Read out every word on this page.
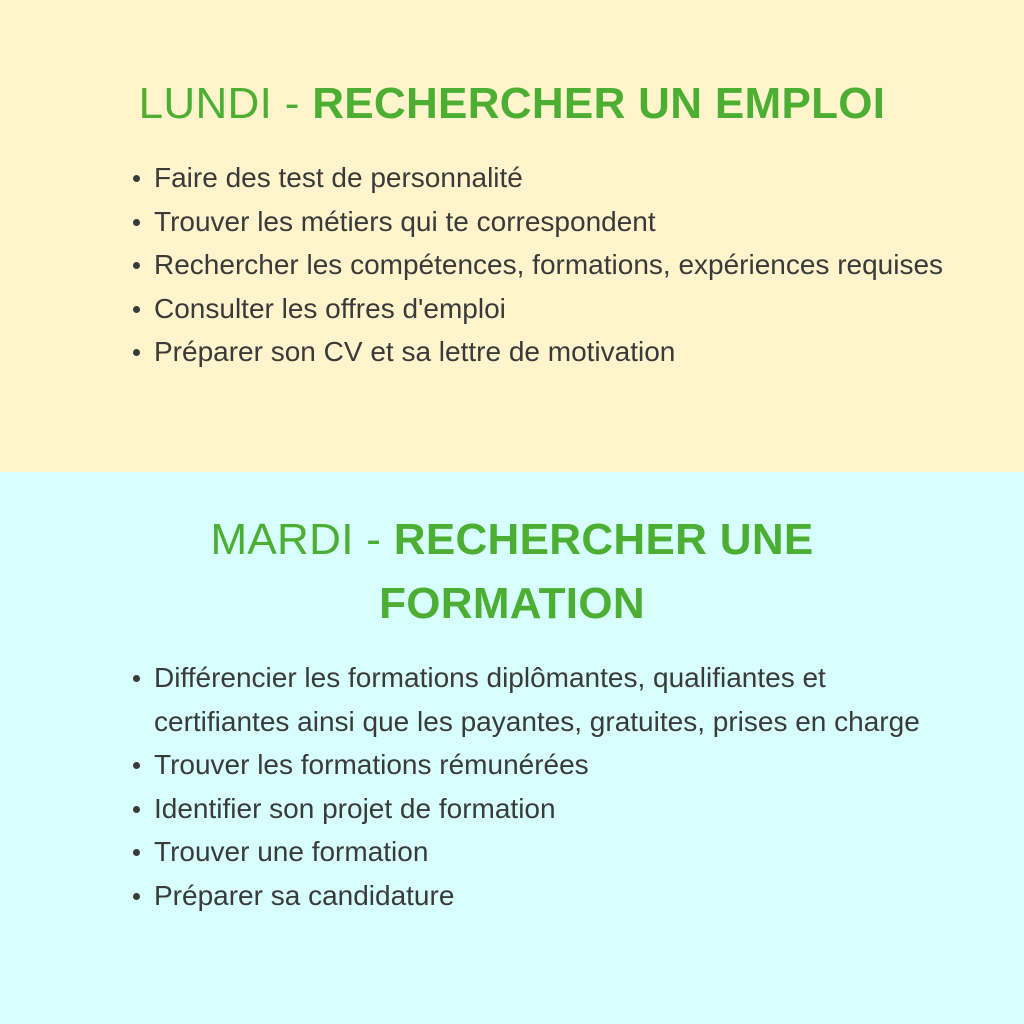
LUNDI - RECHERCHER UN EMPLOI
Faire des test de personnalité
Trouver les métiers qui te correspondent
Rechercher les compétences, formations, expériences requises
Consulter les offres d'emploi
Préparer son CV et sa lettre de motivation
MARDI - RECHERCHER UNE FORMATION
Différencier les formations diplômantes, qualifiantes et certifiantes ainsi que les payantes, gratuites, prises en charge
Trouver les formations rémunérées
Identifier son projet de formation
Trouver une formation
Préparer sa candidature
